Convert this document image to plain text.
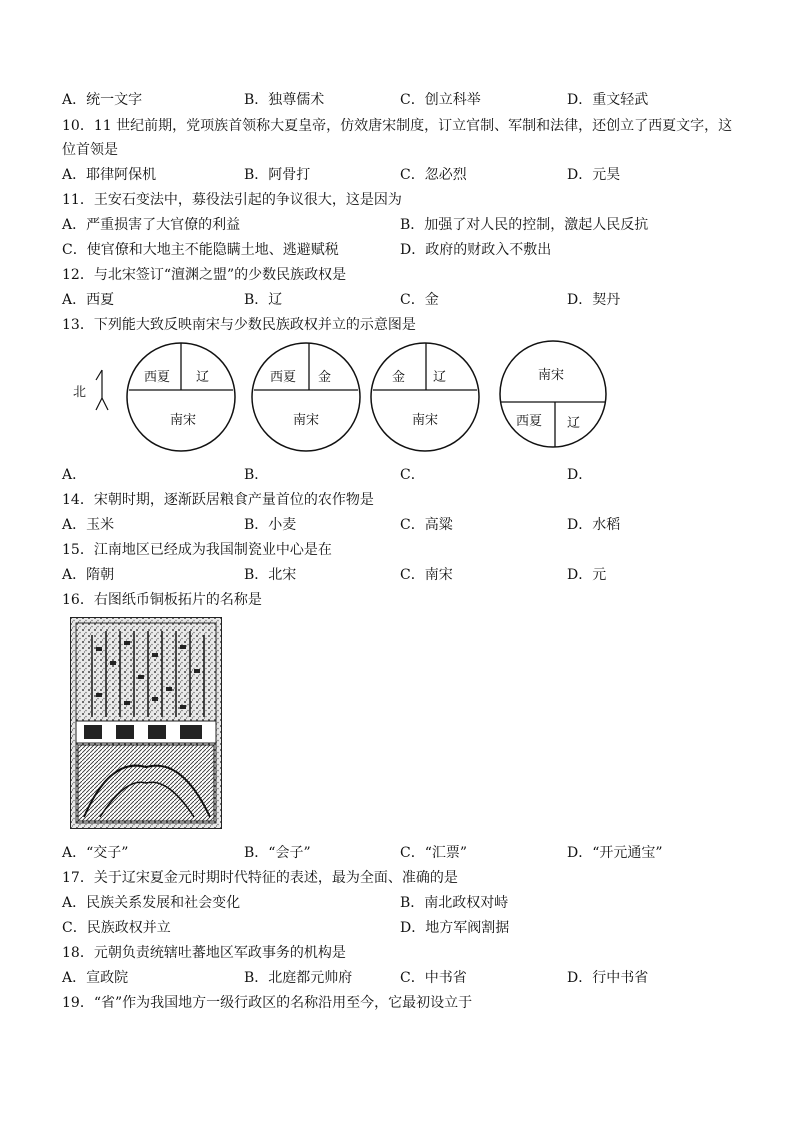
A．统一文字	B．独尊儒术	C．创立科举	D．重文轻武
10．11 世纪前期，党项族首领称大夏皇帝，仿效唐宋制度，订立官制、军制和法律，还创立了西夏文字，这
位首领是
A．耶律阿保机	B．阿骨打	C．忽必烈	D．元昊
11．王安石变法中，募役法引起的争议很大，这是因为
A．严重损害了大官僚的利益	B．加强了对人民的控制，激起人民反抗
C．使官僚和大地主不能隐瞒土地、逃避赋税	D．政府的财政入不敷出
12．与北宋签订“澶渊之盟”的少数民族政权是
A．西夏	B．辽	C．金	D．契丹
13．下列能大致反映南宋与少数民族政权并立的示意图是
北
西夏 辽
南宋
西夏 金
南宋
金 辽
南宋
南宋
西夏 辽
A．	B．	C．	D．
14．宋朝时期，逐渐跃居粮食产量首位的农作物是
A．玉米	B．小麦	C．高粱	D．水稻
15．江南地区已经成为我国制瓷业中心是在
A．隋朝	B．北宋	C．南宋	D．元
16．右图纸币铜板拓片的名称是
A．“交子”	B．“会子”	C．“汇票”	D．“开元通宝”
17．关于辽宋夏金元时期时代特征的表述，最为全面、准确的是
A．民族关系发展和社会变化	B．南北政权对峙
C．民族政权并立	D．地方军阀割据
18．元朝负责统辖吐蕃地区军政事务的机构是
A．宣政院	B．北庭都元帅府	C．中书省	D．行中书省
19．“省”作为我国地方一级行政区的名称沿用至今，它最初设立于
